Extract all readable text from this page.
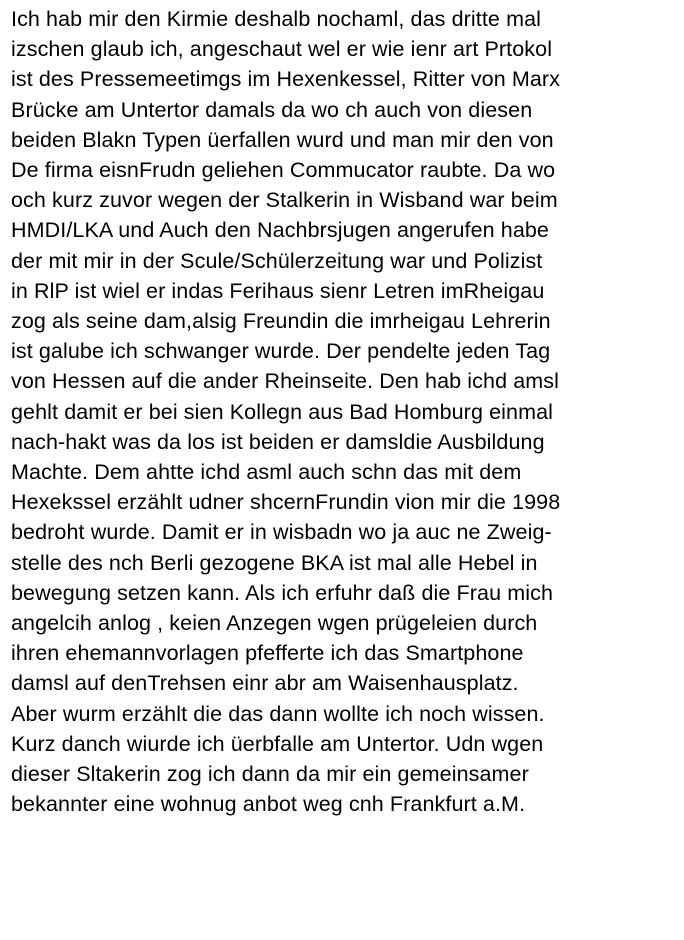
Ich hab mir den Kirmie deshalb nochaml, das dritte mal
izschen glaub ich, angeschaut wel er wie ienr art Prtokol
ist des Pressemeetimgs im Hexenkessel, Ritter von Marx
Brücke am Untertor damals da wo ch auch von diesen
beiden Blakn Typen üerfallen wurd und man mir den von
De firma eisnFrudn geliehen Commucator raubte. Da wo
och kurz zuvor wegen der Stalkerin in Wisband war beim
HMDI/LKA und Auch den Nachbrsjugen angerufen habe
der mit mir in der Scule/Schülerzeitung war und Polizist
in RlP ist wiel er indas Ferihaus sienr Letren imRheigau
zog als seine dam,alsig Freundin die imrheigau Lehrerin
ist galube ich schwanger wurde. Der pendelte jeden Tag
von Hessen auf die ander Rheinseite. Den hab ichd amsl
gehlt damit er bei sien Kollegn aus Bad Homburg einmal
nach-hakt was da los ist beiden er damsldie Ausbildung
Machte. Dem ahtte ichd asml auch schn das mit dem
Hexekssel erzählt udner shcernFrundin vion mir die 1998
bedroht wurde. Damit er in wisbadn wo ja auc ne Zweig-
stelle des nch Berli gezogene BKA ist mal alle Hebel in
bewegung setzen kann. Als ich erfuhr daß die Frau mich
angelcih anlog , keien Anzegen wgen prügeleien durch
ihren ehemannvorlagen pfefferte ich das Smartphone
damsl auf denTrehsen einr abr am Waisenhausplatz.
Aber wurm erzählt die das dann wollte ich noch wissen.
Kurz danch wiurde ich üerbfalle am Untertor. Udn wgen
dieser Sltakerin zog ich dann da mir ein gemeinsamer
bekannter eine wohnug anbot weg cnh Frankfurt a.M.
